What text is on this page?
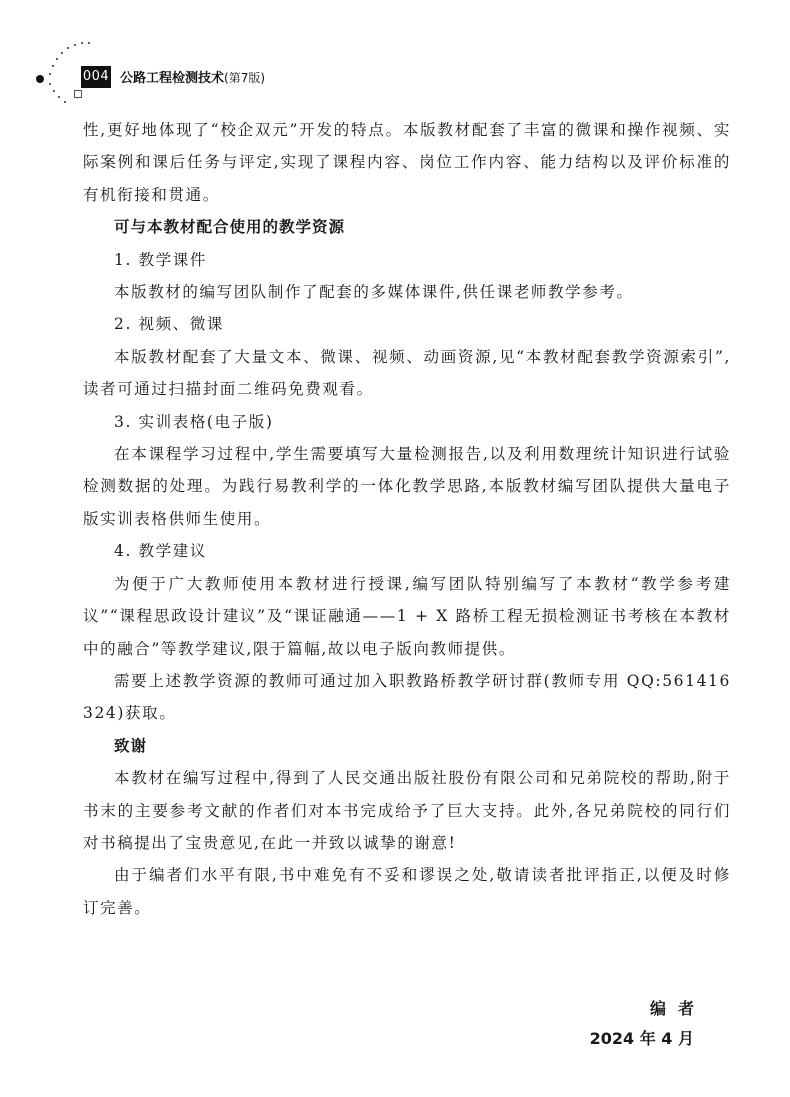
004 公路工程检测技术(第7版)

性,更好地体现了“校企双元”开发的特点。本版教材配套了丰富的微课和操作视频、实际案例和课后任务与评定,实现了课程内容、岗位工作内容、能力结构以及评价标准的有机衔接和贯通。

可与本教材配合使用的教学资源

1. 教学课件

本版教材的编写团队制作了配套的多媒体课件,供任课老师教学参考。

2. 视频、微课

本版教材配套了大量文本、微课、视频、动画资源,见“本教材配套教学资源索引”,读者可通过扫描封面二维码免费观看。

3. 实训表格(电子版)

在本课程学习过程中,学生需要填写大量检测报告,以及利用数理统计知识进行试验检测数据的处理。为践行易教利学的一体化教学思路,本版教材编写团队提供大量电子版实训表格供师生使用。

4. 教学建议

为便于广大教师使用本教材进行授课,编写团队特别编写了本教材“教学参考建议”“课程思政设计建议”及“课证融通——1 + X 路桥工程无损检测证书考核在本教材中的融合”等教学建议,限于篇幅,故以电子版向教师提供。

需要上述教学资源的教师可通过加入职教路桥教学研讨群(教师专用 QQ:561416324)获取。

致谢

本教材在编写过程中,得到了人民交通出版社股份有限公司和兄弟院校的帮助,附于书末的主要参考文献的作者们对本书完成给予了巨大支持。此外,各兄弟院校的同行们对书稿提出了宝贵意见,在此一并致以诚挚的谢意!

由于编者们水平有限,书中难免有不妥和谬误之处,敬请读者批评指正,以便及时修订完善。

编者
2024 年 4 月
